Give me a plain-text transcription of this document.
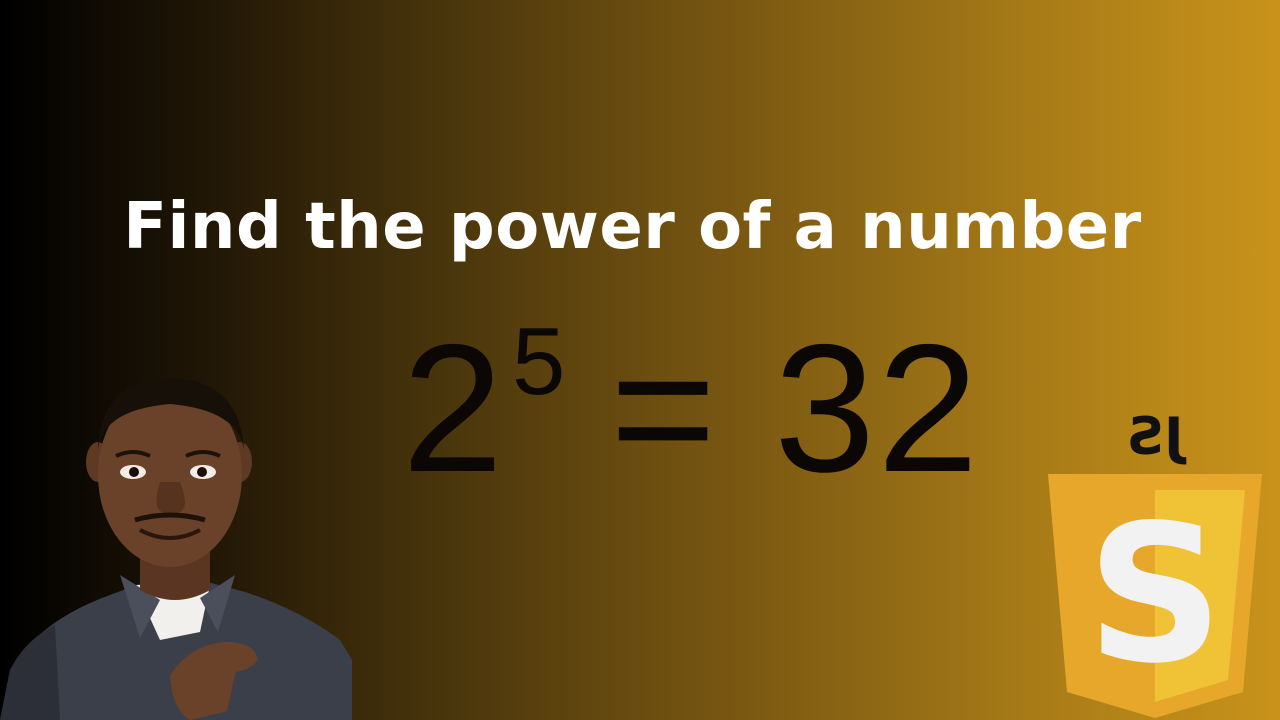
Find the power of a number
2 5 = 32	JS
S
